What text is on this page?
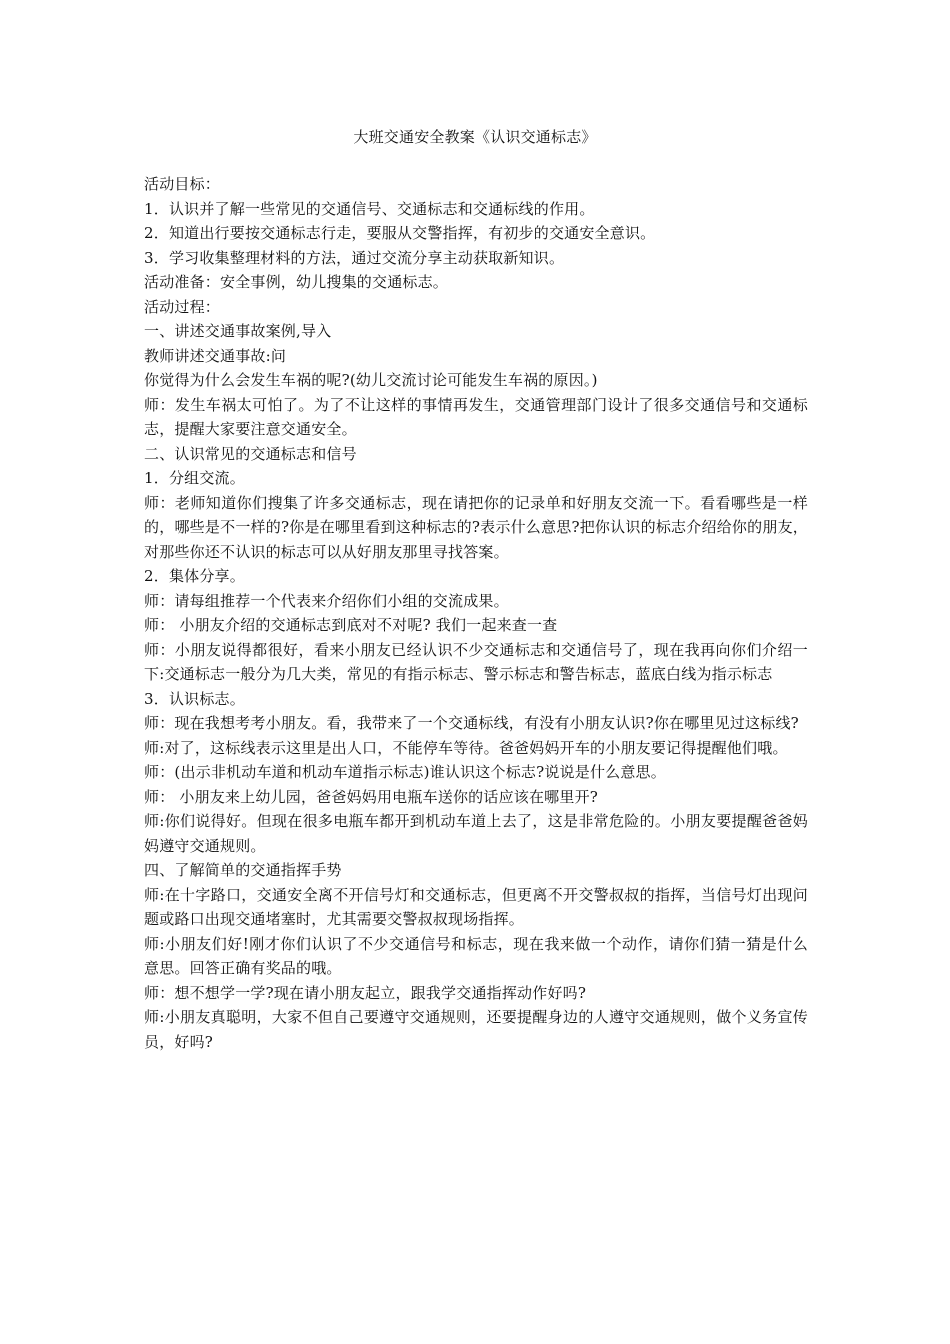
大班交通安全教案《认识交通标志》

活动目标：

1．认识并了解一些常见的交通信号、交通标志和交通标线的作用。

2．知道出行要按交通标志行走，要服从交警指挥，有初步的交通安全意识。

3．学习收集整理材料的方法，通过交流分享主动获取新知识。

活动准备：安全事例，幼儿搜集的交通标志。

活动过程：

一、讲述交通事故案例,导入

教师讲述交通事故:问

你觉得为什么会发生车祸的呢?(幼儿交流讨论可能发生车祸的原因。)

师：发生车祸太可怕了。为了不让这样的事情再发生，交通管理部门设计了很多交通信号和交通标志，提醒大家要注意交通安全。

二、认识常见的交通标志和信号

1．分组交流。

师：老师知道你们搜集了许多交通标志，现在请把你的记录单和好朋友交流一下。看看哪些是一样的，哪些是不一样的?你是在哪里看到这种标志的?表示什么意思?把你认识的标志介绍给你的朋友，对那些你还不认识的标志可以从好朋友那里寻找答案。

2．集体分享。

师：请每组推荐一个代表来介绍你们小组的交流成果。

师： 小朋友介绍的交通标志到底对不对呢? 我们一起来查一查

师：小朋友说得都很好，看来小朋友已经认识不少交通标志和交通信号了，现在我再向你们介绍一下:交通标志一般分为几大类，常见的有指示标志、警示标志和警告标志，蓝底白线为指示标志

3．认识标志。

师：现在我想考考小朋友。看，我带来了一个交通标线，有没有小朋友认识?你在哪里见过这标线?

师:对了，这标线表示这里是出人口，不能停车等待。爸爸妈妈开车的小朋友要记得提醒他们哦。

师：(出示非机动车道和机动车道指示标志)谁认识这个标志?说说是什么意思。

师： 小朋友来上幼儿园，爸爸妈妈用电瓶车送你的话应该在哪里开?

师:你们说得好。但现在很多电瓶车都开到机动车道上去了，这是非常危险的。小朋友要提醒爸爸妈妈遵守交通规则。

四、了解简单的交通指挥手势

师:在十字路口，交通安全离不开信号灯和交通标志，但更离不开交警叔叔的指挥，当信号灯出现问题或路口出现交通堵塞时，尤其需要交警叔叔现场指挥。

师:小朋友们好!刚才你们认识了不少交通信号和标志，现在我来做一个动作，请你们猜一猜是什么意思。回答正确有奖品的哦。

师：想不想学一学?现在请小朋友起立，跟我学交通指挥动作好吗?

师:小朋友真聪明，大家不但自己要遵守交通规则，还要提醒身边的人遵守交通规则，做个义务宣传员，好吗?
